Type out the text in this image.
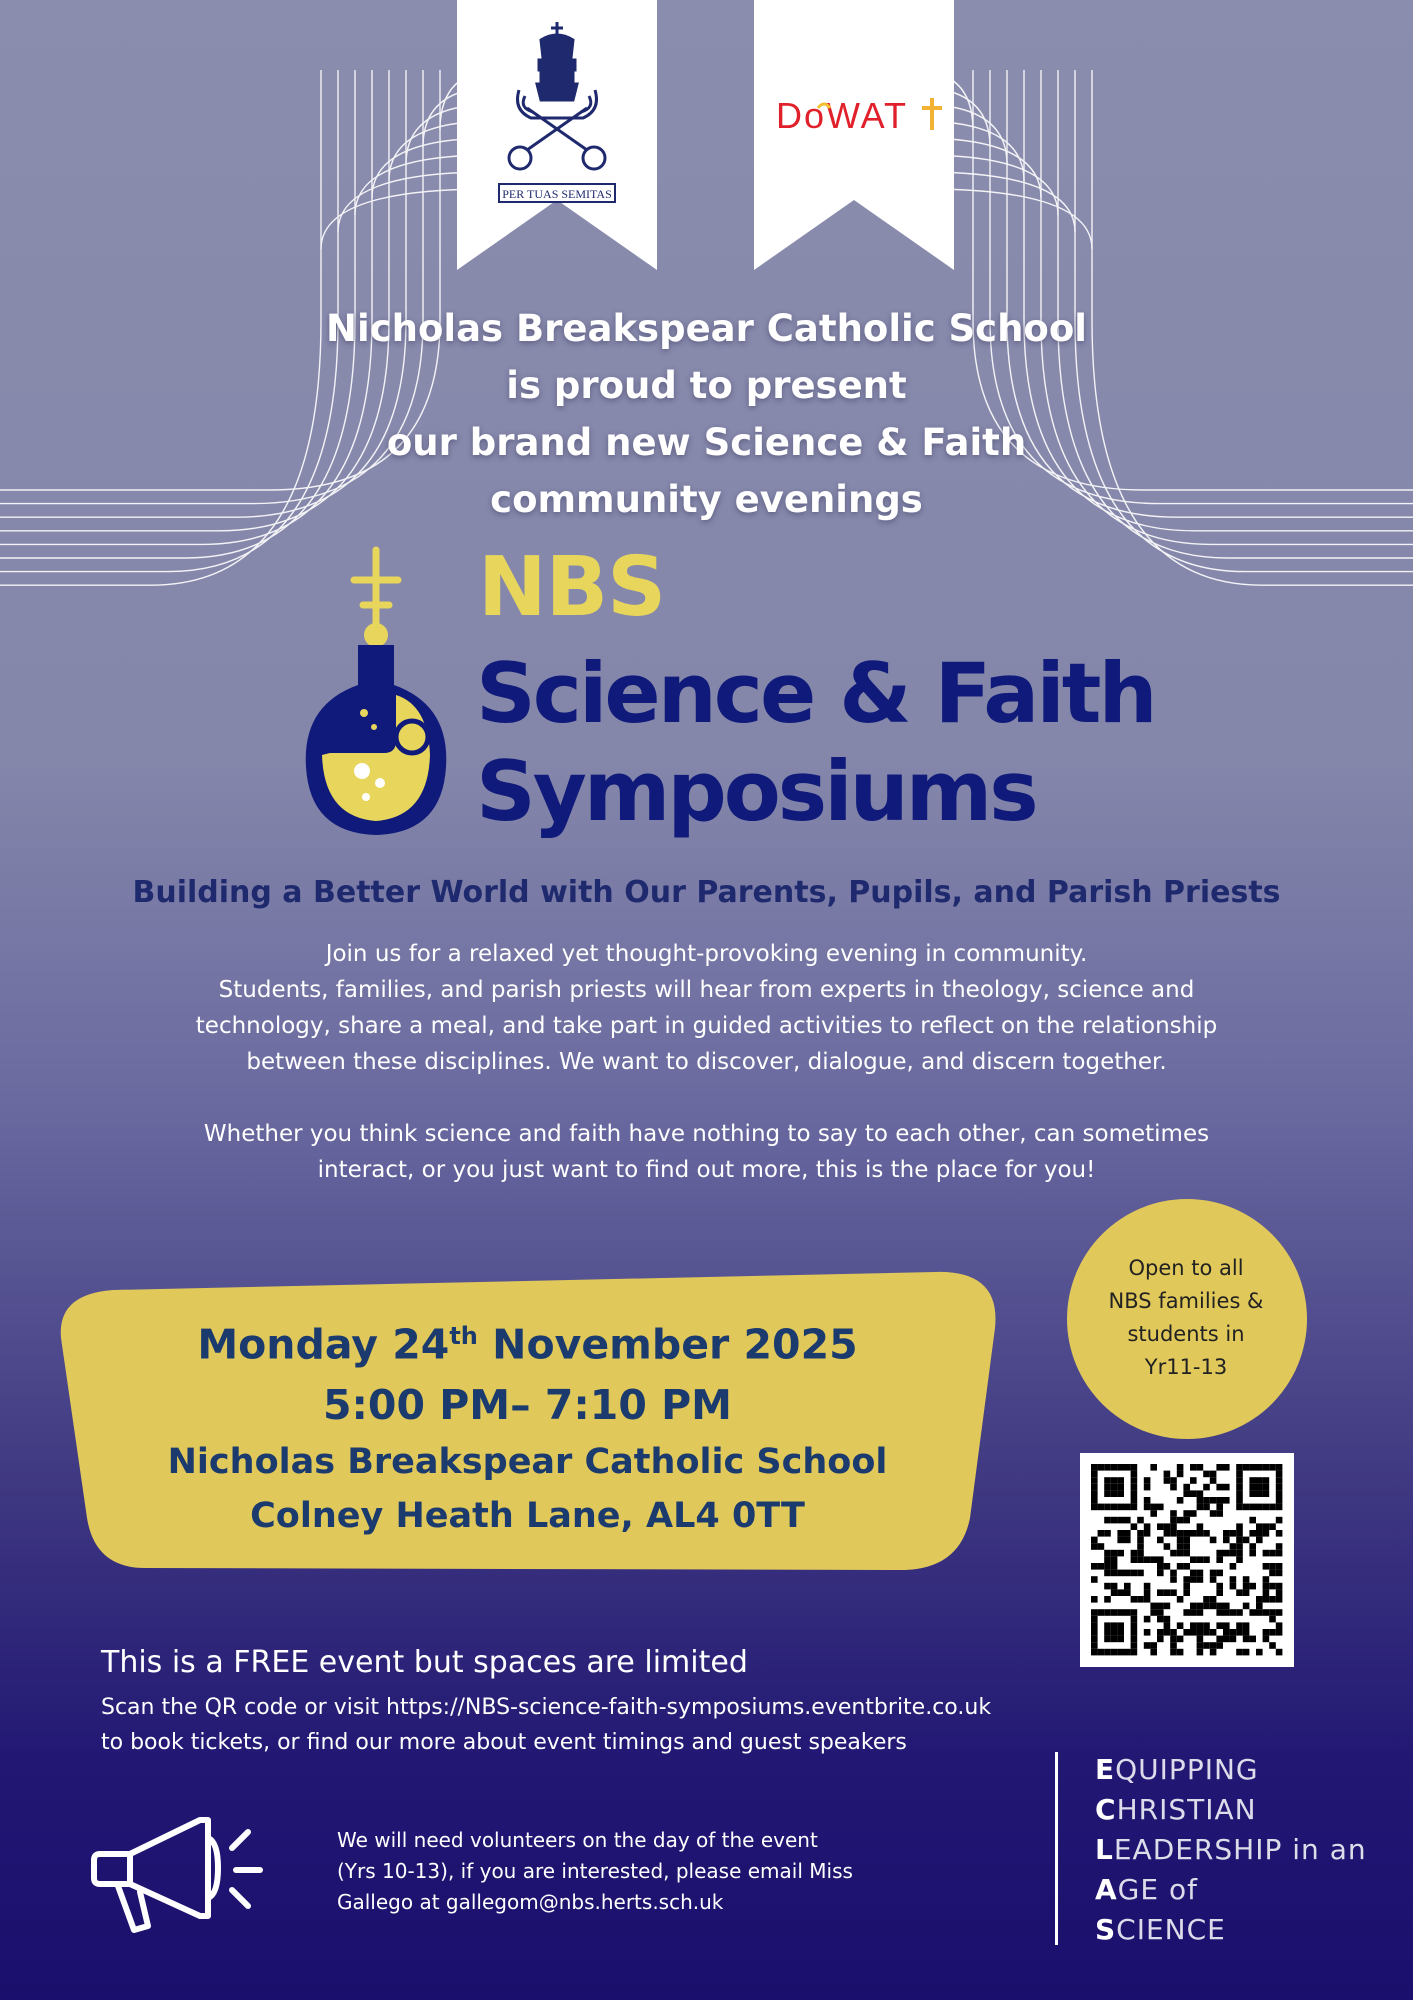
PER TUAS SEMITAS
DoWAT
Nicholas Breakspear Catholic School
is proud to present
our brand new Science & Faith
community evenings
NBS
Science & Faith
Symposiums
Building a Better World with Our Parents, Pupils, and Parish Priests
Join us for a relaxed yet thought-provoking evening in community.
Students, families, and parish priests will hear from experts in theology, science and
technology, share a meal, and take part in guided activities to reflect on the relationship
between these disciplines. We want to discover, dialogue, and discern together.
Whether you think science and faith have nothing to say to each other, can sometimes
interact, or you just want to find out more, this is the place for you!
Monday 24th November 2025
5:00 PM– 7:10 PM
Nicholas Breakspear Catholic School
Colney Heath Lane, AL4 0TT
Open to all
NBS families &
students in
Yr11-13
This is a FREE event but spaces are limited
Scan the QR code or visit https://NBS-science-faith-symposiums.eventbrite.co.uk
to book tickets, or find our more about event timings and guest speakers
We will need volunteers on the day of the event
(Yrs 10-13), if you are interested, please email Miss
Gallego at gallegom@nbs.herts.sch.uk
EQUIPPING
CHRISTIAN
LEADERSHIP in an
AGE of
SCIENCE
